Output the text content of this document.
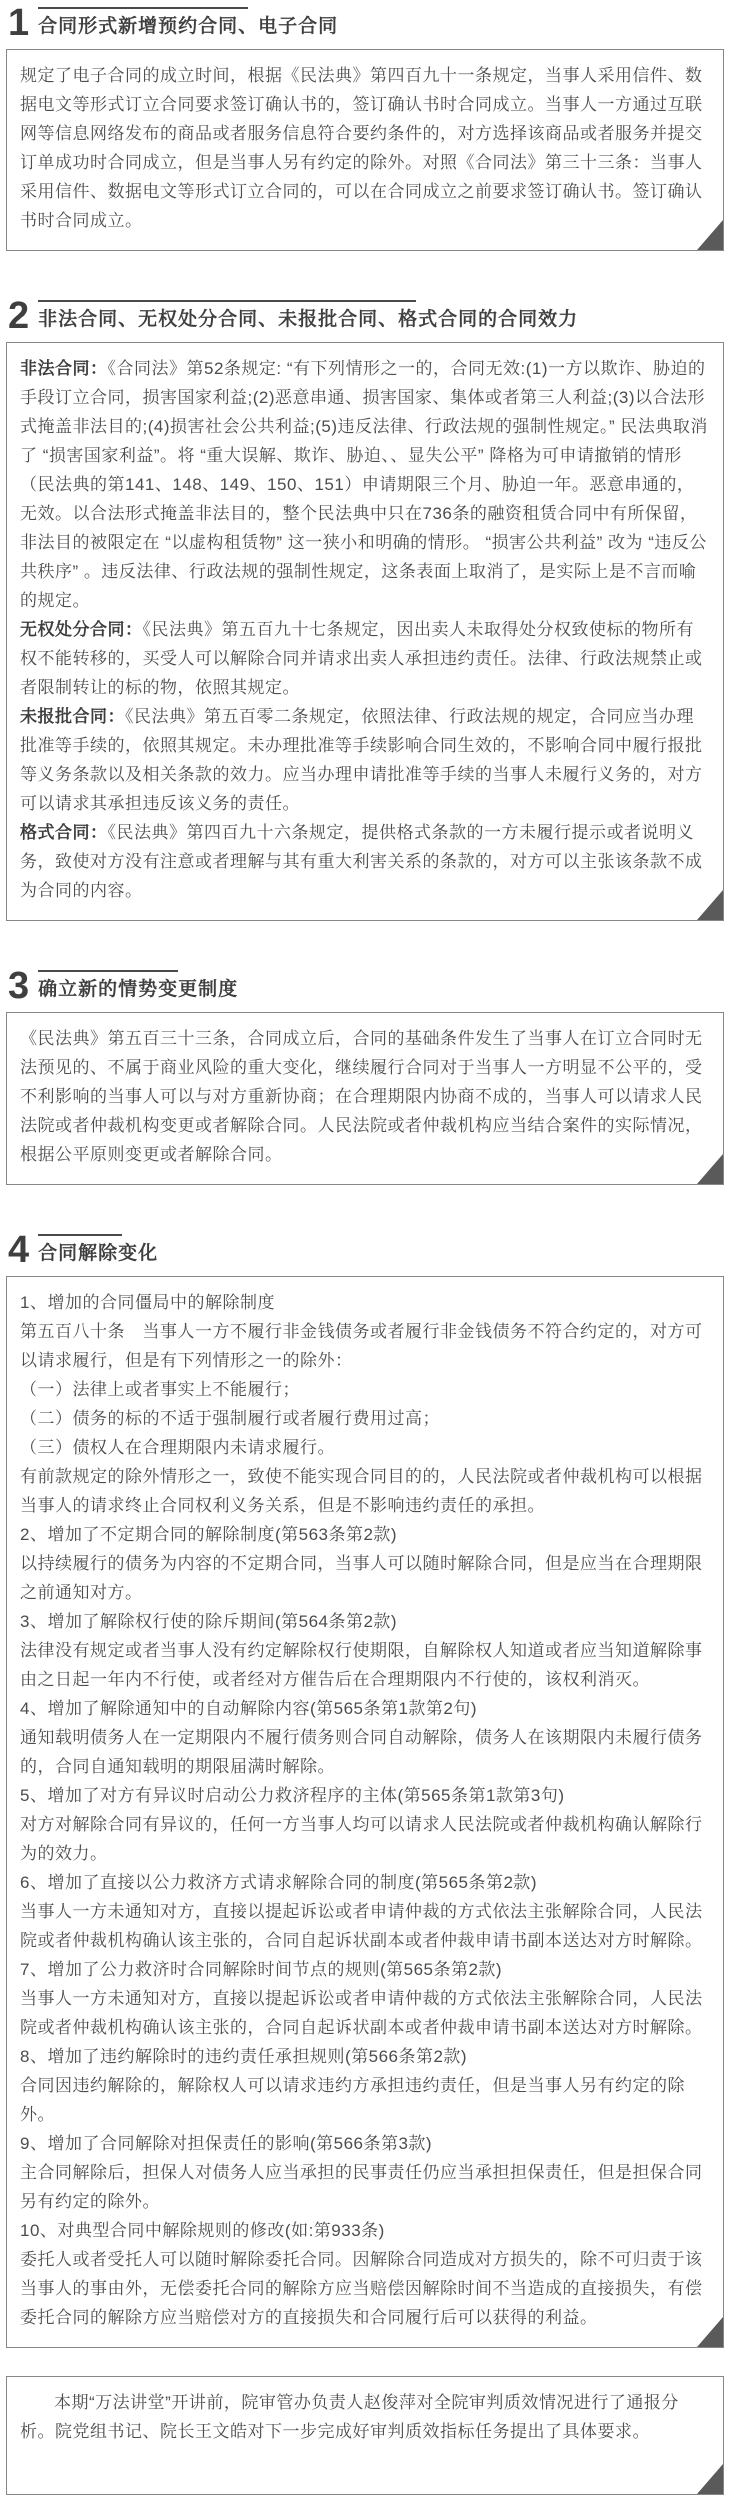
1 合同形式新增预约合同、电子合同

规定了电子合同的成立时间，根据《民法典》第四百九十一条规定，当事人采用信件、数据电文等形式订立合同要求签订确认书的，签订确认书时合同成立。当事人一方通过互联网等信息网络发布的商品或者服务信息符合要约条件的，对方选择该商品或者服务并提交订单成功时合同成立，但是当事人另有约定的除外。对照《合同法》第三十三条：当事人采用信件、数据电文等形式订立合同的，可以在合同成立之前要求签订确认书。签订确认书时合同成立。

2 非法合同、无权处分合同、未报批合同、格式合同的合同效力

非法合同：《合同法》第52条规定: “有下列情形之一的，合同无效:(1)一方以欺诈、胁迫的手段订立合同，损害国家利益;(2)恶意串通、损害国家、集体或者第三人利益;(3)以合法形式掩盖非法目的;(4)损害社会公共利益;(5)违反法律、行政法规的强制性规定。” 民法典取消了 “损害国家利益”。将 “重大误解、欺诈、胁迫、、显失公平” 降格为可申请撤销的情形（民法典的第141、148、149、150、151）申请期限三个月、胁迫一年。恶意串通的，无效。以合法形式掩盖非法目的，整个民法典中只在736条的融资租赁合同中有所保留，非法目的被限定在 “以虚构租赁物” 这一狭小和明确的情形。 “损害公共利益” 改为 “违反公共秩序” 。违反法律、行政法规的强制性规定，这条表面上取消了，是实际上是不言而喻的规定。

无权处分合同：《民法典》第五百九十七条规定，因出卖人未取得处分权致使标的物所有权不能转移的，买受人可以解除合同并请求出卖人承担违约责任。法律、行政法规禁止或者限制转让的标的物，依照其规定。

未报批合同：《民法典》第五百零二条规定，依照法律、行政法规的规定，合同应当办理批准等手续的，依照其规定。未办理批准等手续影响合同生效的，不影响合同中履行报批等义务条款以及相关条款的效力。应当办理申请批准等手续的当事人未履行义务的，对方可以请求其承担违反该义务的责任。

格式合同：《民法典》第四百九十六条规定，提供格式条款的一方未履行提示或者说明义务，致使对方没有注意或者理解与其有重大利害关系的条款的，对方可以主张该条款不成为合同的内容。

3 确立新的情势变更制度

《民法典》第五百三十三条，合同成立后，合同的基础条件发生了当事人在订立合同时无法预见的、不属于商业风险的重大变化，继续履行合同对于当事人一方明显不公平的，受不利影响的当事人可以与对方重新协商；在合理期限内协商不成的，当事人可以请求人民法院或者仲裁机构变更或者解除合同。人民法院或者仲裁机构应当结合案件的实际情况，根据公平原则变更或者解除合同。

4 合同解除变化

1、增加的合同僵局中的解除制度

第五百八十条　当事人一方不履行非金钱债务或者履行非金钱债务不符合约定的，对方可以请求履行，但是有下列情形之一的除外：

（一）法律上或者事实上不能履行；

（二）债务的标的不适于强制履行或者履行费用过高；

（三）债权人在合理期限内未请求履行。

有前款规定的除外情形之一，致使不能实现合同目的的，人民法院或者仲裁机构可以根据当事人的请求终止合同权利义务关系，但是不影响违约责任的承担。

2、增加了不定期合同的解除制度(第563条第2款)

以持续履行的债务为内容的不定期合同，当事人可以随时解除合同，但是应当在合理期限之前通知对方。

3、增加了解除权行使的除斥期间(第564条第2款)

法律没有规定或者当事人没有约定解除权行使期限，自解除权人知道或者应当知道解除事由之日起一年内不行使，或者经对方催告后在合理期限内不行使的，该权利消灭。

4、增加了解除通知中的自动解除内容(第565条第1款第2句)

通知载明债务人在一定期限内不履行债务则合同自动解除，债务人在该期限内未履行债务的，合同自通知载明的期限届满时解除。

5、增加了对方有异议时启动公力救济程序的主体(第565条第1款第3句)

对方对解除合同有异议的，任何一方当事人均可以请求人民法院或者仲裁机构确认解除行为的效力。

6、增加了直接以公力救济方式请求解除合同的制度(第565条第2款)

当事人一方未通知对方，直接以提起诉讼或者申请仲裁的方式依法主张解除合同，人民法院或者仲裁机构确认该主张的，合同自起诉状副本或者仲裁申请书副本送达对方时解除。

7、增加了公力救济时合同解除时间节点的规则(第565条第2款)

当事人一方未通知对方，直接以提起诉讼或者申请仲裁的方式依法主张解除合同，人民法院或者仲裁机构确认该主张的，合同自起诉状副本或者仲裁申请书副本送达对方时解除。

8、增加了违约解除时的违约责任承担规则(第566条第2款)

合同因违约解除的，解除权人可以请求违约方承担违约责任，但是当事人另有约定的除外。

9、增加了合同解除对担保责任的影响(第566条第3款)

主合同解除后，担保人对债务人应当承担的民事责任仍应当承担担保责任，但是担保合同另有约定的除外。

10、对典型合同中解除规则的修改(如:第933条)

委托人或者受托人可以随时解除委托合同。因解除合同造成对方损失的，除不可归责于该当事人的事由外，无偿委托合同的解除方应当赔偿因解除时间不当造成的直接损失，有偿委托合同的解除方应当赔偿对方的直接损失和合同履行后可以获得的利益。

本期“万法讲堂”开讲前，院审管办负责人赵俊萍对全院审判质效情况进行了通报分析。院党组书记、院长王文皓对下一步完成好审判质效指标任务提出了具体要求。
